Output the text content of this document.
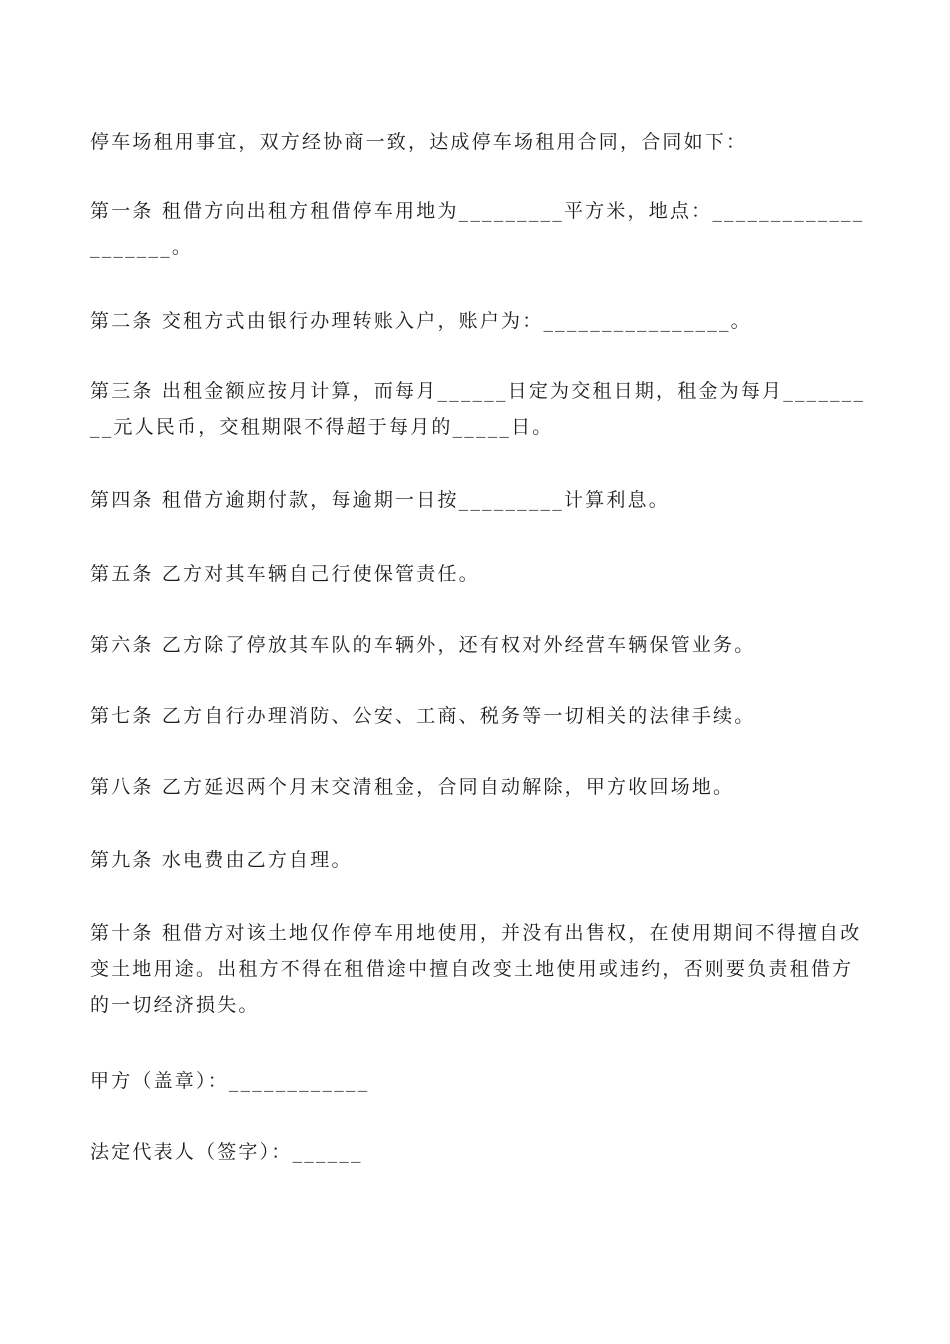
停车场租用事宜，双方经协商一致，达成停车场租用合同，合同如下：

第一条 租借方向出租方租借停车用地为_________平方米，地点：____________________。

第二条 交租方式由银行办理转账入户，账户为：________________。

第三条 出租金额应按月计算，而每月______日定为交租日期，租金为每月_________元人民币，交租期限不得超于每月的_____日。

第四条 租借方逾期付款，每逾期一日按_________计算利息。

第五条 乙方对其车辆自己行使保管责任。

第六条 乙方除了停放其车队的车辆外，还有权对外经营车辆保管业务。

第七条 乙方自行办理消防、公安、工商、税务等一切相关的法律手续。

第八条 乙方延迟两个月末交清租金，合同自动解除，甲方收回场地。

第九条 水电费由乙方自理。

第十条 租借方对该土地仅作停车用地使用，并没有出售权，在使用期间不得擅自改变土地用途。出租方不得在租借途中擅自改变土地使用或违约，否则要负责租借方的一切经济损失。

甲方（盖章）：____________

法定代表人（签字）：______
